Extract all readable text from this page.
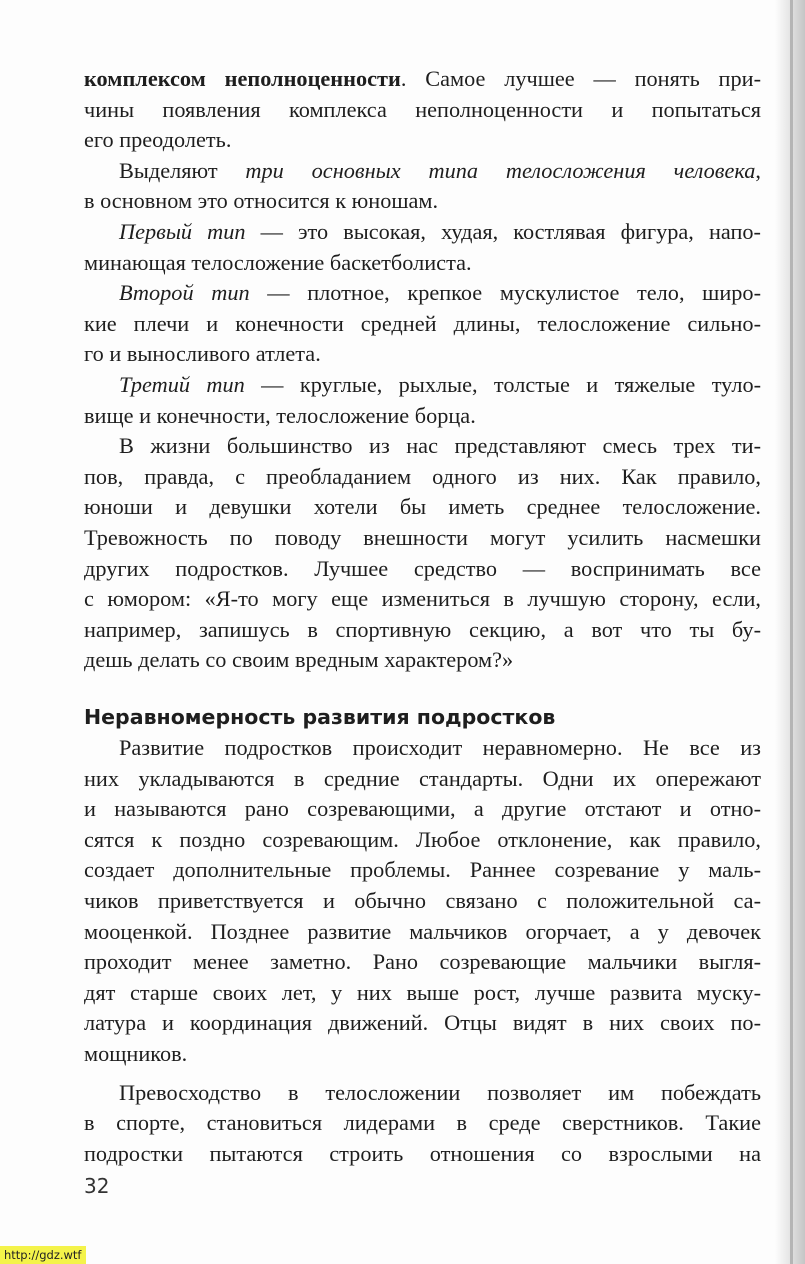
комплексом неполноценности. Самое лучшее — понять при-
чины появления комплекса неполноценности и попытаться
его преодолеть.
Выделяют три основных типа телосложения человека,
в основном это относится к юношам.
Первый тип — это высокая, худая, костлявая фигура, напо-
минающая телосложение баскетболиста.
Второй тип — плотное, крепкое мускулистое тело, широ-
кие плечи и конечности средней длины, телосложение сильно-
го и выносливого атлета.
Третий тип — круглые, рыхлые, толстые и тяжелые туло-
вище и конечности, телосложение борца.
В жизни большинство из нас представляют смесь трех ти-
пов, правда, с преобладанием одного из них. Как правило,
юноши и девушки хотели бы иметь среднее телосложение.
Тревожность по поводу внешности могут усилить насмешки
других подростков. Лучшее средство — воспринимать все
с юмором: «Я-то могу еще измениться в лучшую сторону, если,
например, запишусь в спортивную секцию, а вот что ты бу-
дешь делать со своим вредным характером?»
Неравномерность развития подростков
Развитие подростков происходит неравномерно. Не все из
них укладываются в средние стандарты. Одни их опережают
и называются рано созревающими, а другие отстают и отно-
сятся к поздно созревающим. Любое отклонение, как правило,
создает дополнительные проблемы. Раннее созревание у маль-
чиков приветствуется и обычно связано с положительной са-
мооценкой. Позднее развитие мальчиков огорчает, а у девочек
проходит менее заметно. Рано созревающие мальчики выгля-
дят старше своих лет, у них выше рост, лучше развита муску-
латура и координация движений. Отцы видят в них своих по-
мощников.
Превосходство в телосложении позволяет им побеждать
в спорте, становиться лидерами в среде сверстников. Такие
подростки пытаются строить отношения со взрослыми на
32
http://gdz.wtf
